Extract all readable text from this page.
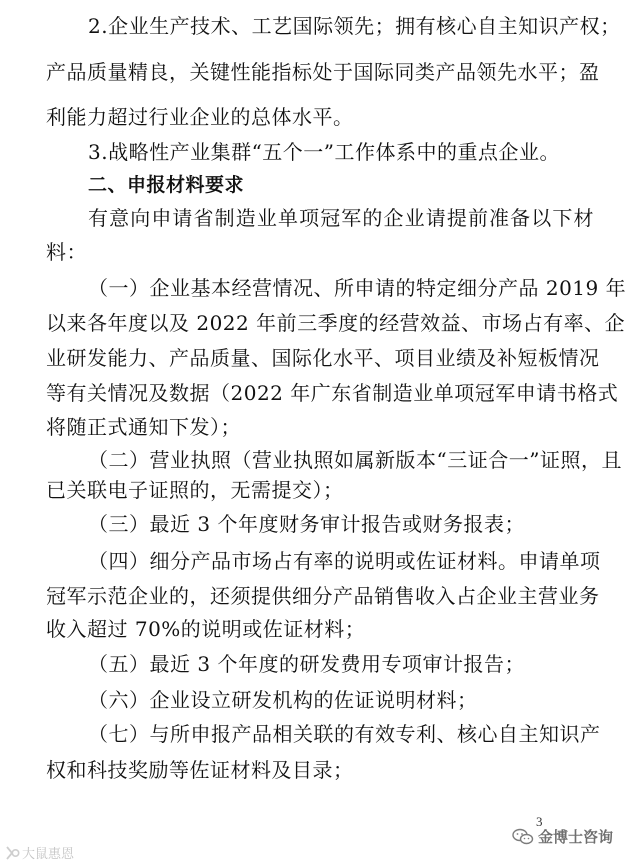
2.企业生产技术、工艺国际领先；拥有核心自主知识产权；
产品质量精良，关键性能指标处于国际同类产品领先水平；盈
利能力超过行业企业的总体水平。
3.战略性产业集群“五个一”工作体系中的重点企业。
二、申报材料要求
有意向申请省制造业单项冠军的企业请提前准备以下材
料：
（一）企业基本经营情况、所申请的特定细分产品 2019 年
以来各年度以及 2022 年前三季度的经营效益、市场占有率、企
业研发能力、产品质量、国际化水平、项目业绩及补短板情况
等有关情况及数据（2022 年广东省制造业单项冠军申请书格式
将随正式通知下发）；
（二）营业执照（营业执照如属新版本“三证合一”证照，且
已关联电子证照的，无需提交）；
（三）最近 3 个年度财务审计报告或财务报表；
（四）细分产品市场占有率的说明或佐证材料。申请单项
冠军示范企业的，还须提供细分产品销售收入占企业主营业务
收入超过 70%的说明或佐证材料；
（五）最近 3 个年度的研发费用专项审计报告；
（六）企业设立研发机构的佐证说明材料；
（七）与所申报产品相关联的有效专利、核心自主知识产
权和科技奖励等佐证材料及目录；
3
金博士咨询
大鼠惠恩
